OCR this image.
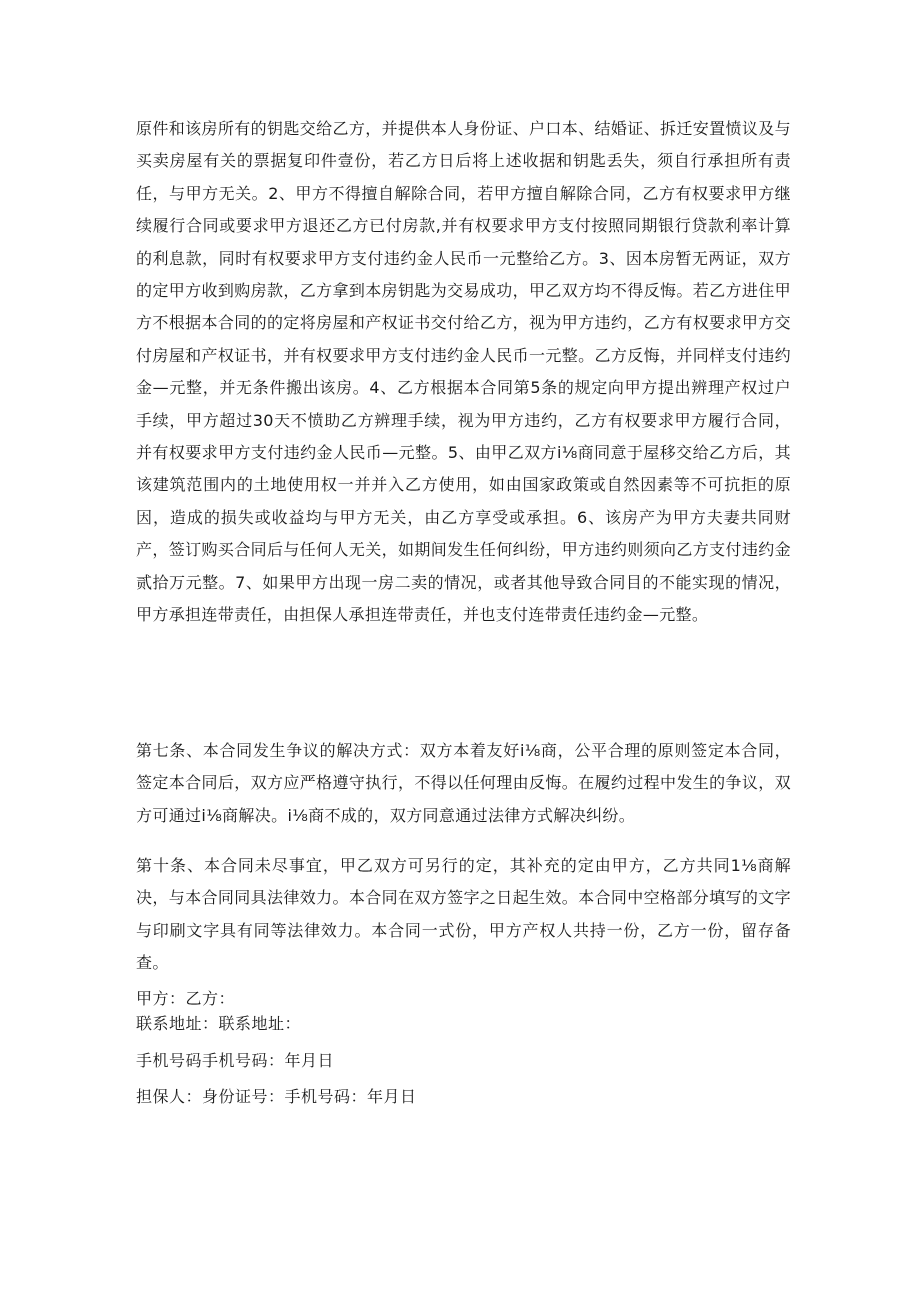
原件和该房所有的钥匙交给乙方，并提供本人身份证、户口本、结婚证、拆迁安置愤议及与买卖房屋有关的票据复印件壹份，若乙方日后将上述收据和钥匙丢失，须自行承担所有责任，与甲方无关。2、甲方不得擅自解除合同，若甲方擅自解除合同，乙方有权要求甲方继续履行合同或要求甲方退还乙方已付房款,并有权要求甲方支付按照同期银行贷款利率计算的利息款，同时有权要求甲方支付违约金人民币一元整给乙方。3、因本房暂无两证，双方的定甲方收到购房款，乙方拿到本房钥匙为交易成功，甲乙双方均不得反悔。若乙方进住甲方不根据本合同的的定将房屋和产权证书交付给乙方，视为甲方违约，乙方有权要求甲方交付房屋和产权证书，并有权要求甲方支付违约金人民币一元整。乙方反悔，并同样支付违约金—元整，并无条件搬出该房。4、乙方根据本合同第5条的规定向甲方提出辨理产权过户手续，甲方超过30天不愤助乙方辨理手续，视为甲方违约，乙方有权要求甲方履行合同，并有权要求甲方支付违约金人民币—元整。5、由甲乙双方i⅛商同意于屋移交给乙方后，其该建筑范围内的土地使用权一并并入乙方使用，如由国家政策或自然因素等不可抗拒的原因，造成的损失或收益均与甲方无关，由乙方享受或承担。6、该房产为甲方夫妻共同财产，签订购买合同后与任何人无关，如期间发生任何纠纷，甲方违约则须向乙方支付违约金贰拾万元整。7、如果甲方出现一房二卖的情况，或者其他导致合同目的不能实现的情况，甲方承担连带责任，由担保人承担连带责任，并也支付连带责任违约金—元整。

第七条、本合同发生争议的解决方式：双方本着友好i⅛商，公平合理的原则签定本合同，签定本合同后，双方应严格遵守执行，不得以任何理由反悔。在履约过程中发生的争议，双方可通过i⅛商解决。i⅛商不成的，双方同意通过法律方式解决纠纷。

第十条、本合同未尽事宜，甲乙双方可另行的定，其补充的定由甲方，乙方共同1⅛商解决，与本合同同具法律效力。本合同在双方签字之日起生效。本合同中空格部分填写的文字与印刷文字具有同等法律效力。本合同一式份，甲方产权人共持一份，乙方一份，留存备查。

甲方：乙方：

联系地址：联系地址：

手机号码手机号码：年月日

担保人：身份证号：手机号码：年月日
